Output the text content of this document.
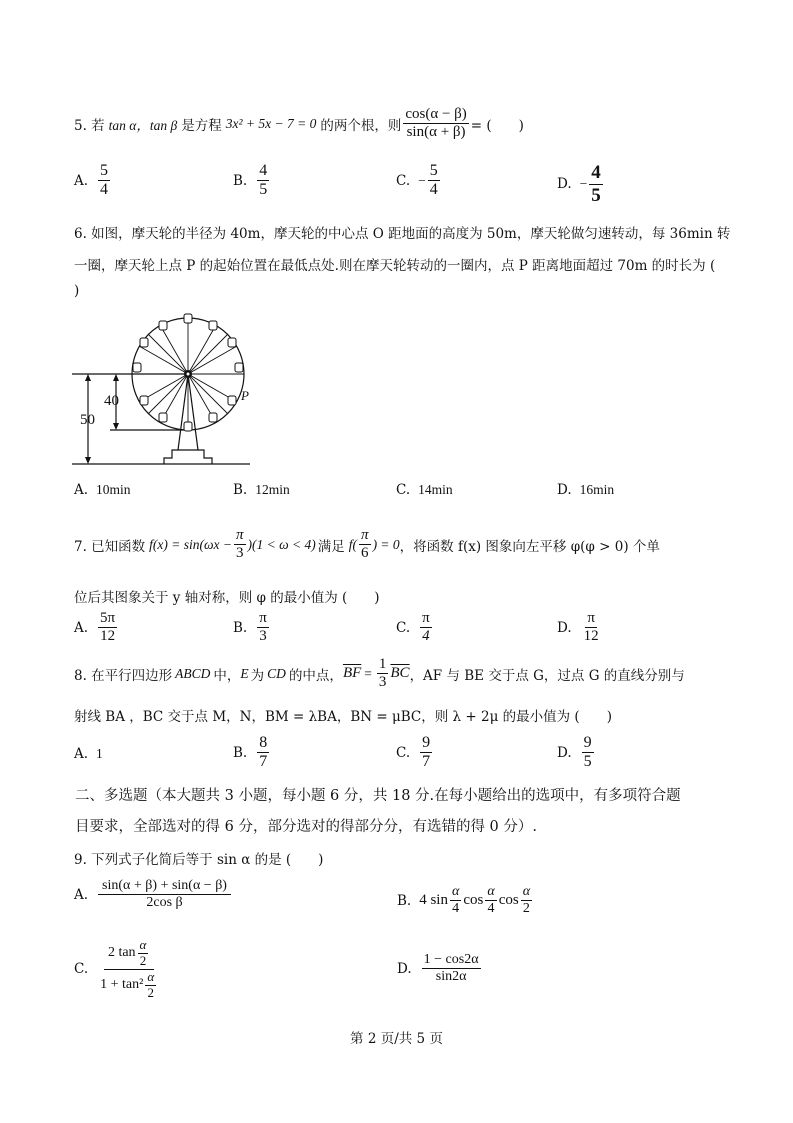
5. 若 tan α，tan β 是方程 3x² + 5x − 7 = 0 的两个根，则 $\frac{\cos(\alpha - \beta)}{\sin(\alpha + \beta)}$ = (　　)
A. $\frac{5}{4}$	B. $\frac{4}{5}$	C. − $\frac{5}{4}$	D. − $\frac{4}{5}$
6. 如图，摩天轮的半径为 40m，摩天轮的中心点 O 距地面的高度为 50m，摩天轮做匀速转动，每 36min 转
一圈，摩天轮上点 P 的起始位置在最低点处.则在摩天轮转动的一圈内，点 P 距离地面超过 70m 的时长为 (
)
50
40	P
A. 10min	B. 12min	C. 14min	D. 16min
7. 已知函数 $f(x) = \sin(\omega x - \frac{\pi}{3} )(1 < \omega < 4)$ 满足 $f( \frac{\pi}{6}$ ) = 0 ，将函数 f(x) 图象向左平移 φ(φ > 0) 个单
位后其图象关于 y 轴对称，则 φ 的最小值为 (　　)
A. $\frac{5\pi}{12}$	B. $\frac{\pi}{3}$	C. $\frac{\pi}{4}$	D. $\frac{\pi}{12}$
8. 在平行四边形 ABCD 中， E 为 CD 的中点， $\overline{BF} = \frac{1}{3} \overline{BC}$ ，AF 与 BE 交于点 G，过点 G 的直线分别与
射线 BA ，BC 交于点 M，N，BM = λBA，BN = μBC，则 λ + 2μ 的最小值为 (　　)
A. 1	B. $\frac{8}{7}$	C. $\frac{9}{7}$	D. $\frac{9}{5}$
二、多选题（本大题共 3 小题，每小题 6 分，共 18 分.在每小题给出的选项中，有多项符合题
目要求，全部选对的得 6 分，部分选对的得部分分，有选错的得 0 分）.
9. 下列式子化简后等于 sin α 的是 (　　)
A. $\frac{\sin(\alpha + \beta) + \sin(\alpha - \beta)}{\text{2cos β}}$	B. 4 $\sin \frac{\alpha}{4}$ $\cos \frac{\alpha}{4}$ $\cos \frac{\alpha}{2}$
C. $\frac{2 \tan \frac{\alpha}{2}}{1 + \tan^2 \frac{\alpha}{2}}$	D. $\frac{1 - \cos 2\alpha}{\sin 2\alpha}$
第 2 页/共 5 页
